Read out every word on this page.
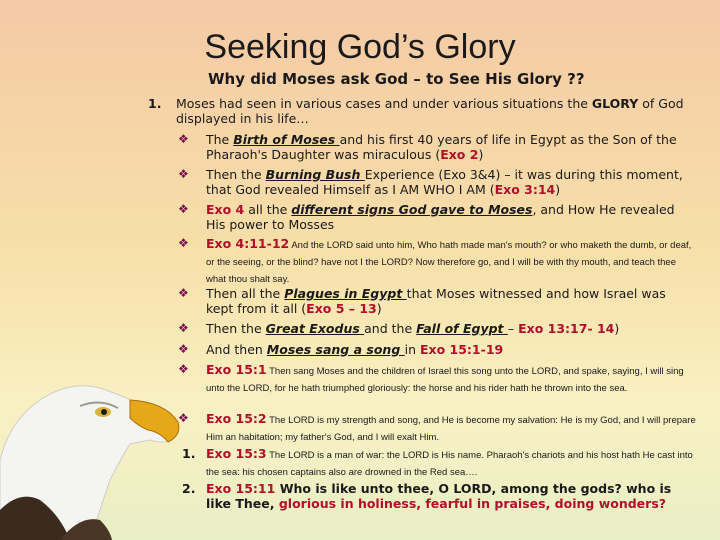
Seeking God’s Glory
Why did Moses ask God – to See His Glory ??
1. Moses had seen in various cases and under various situations the GLORY of God displayed in his life…
❖ The Birth of Moses and his first 40 years of life in Egypt as the Son of the Pharaoh's Daughter was miraculous (Exo 2)
❖ Then the Burning Bush Experience (Exo 3&4) – it was during this moment, that God revealed Himself as I AM WHO I AM (Exo 3:14)
❖ Exo 4 all the different signs God gave to Moses, and How He revealed His power to Mosses
❖ Exo 4:11-12 And the LORD said unto him, Who hath made man's mouth? or who maketh the dumb, or deaf, or the seeing, or the blind? have not I the LORD? Now therefore go, and I will be with thy mouth, and teach thee what thou shalt say.
❖ Then all the Plagues in Egypt that Moses witnessed and how Israel was kept from it all (Exo 5 – 13)
❖ Then the Great Exodus and the Fall of Egypt – Exo 13:17- 14)
❖ And then Moses sang a song in Exo 15:1-19
❖ Exo 15:1 Then sang Moses and the children of Israel this song unto the LORD, and spake, saying, I will sing unto the LORD, for he hath triumphed gloriously: the horse and his rider hath he thrown into the sea.
❖ Exo 15:2 The LORD is my strength and song, and He is become my salvation: He is my God, and I will prepare Him an habitation; my father's God, and I will exalt Him.
1. Exo 15:3 The LORD is a man of war: the LORD is His name. Pharaoh's chariots and his host hath He cast into the sea: his chosen captains also are drowned in the Red sea….
2. Exo 15:11 Who is like unto thee, O LORD, among the gods? who is like Thee, glorious in holiness, fearful in praises, doing wonders?
